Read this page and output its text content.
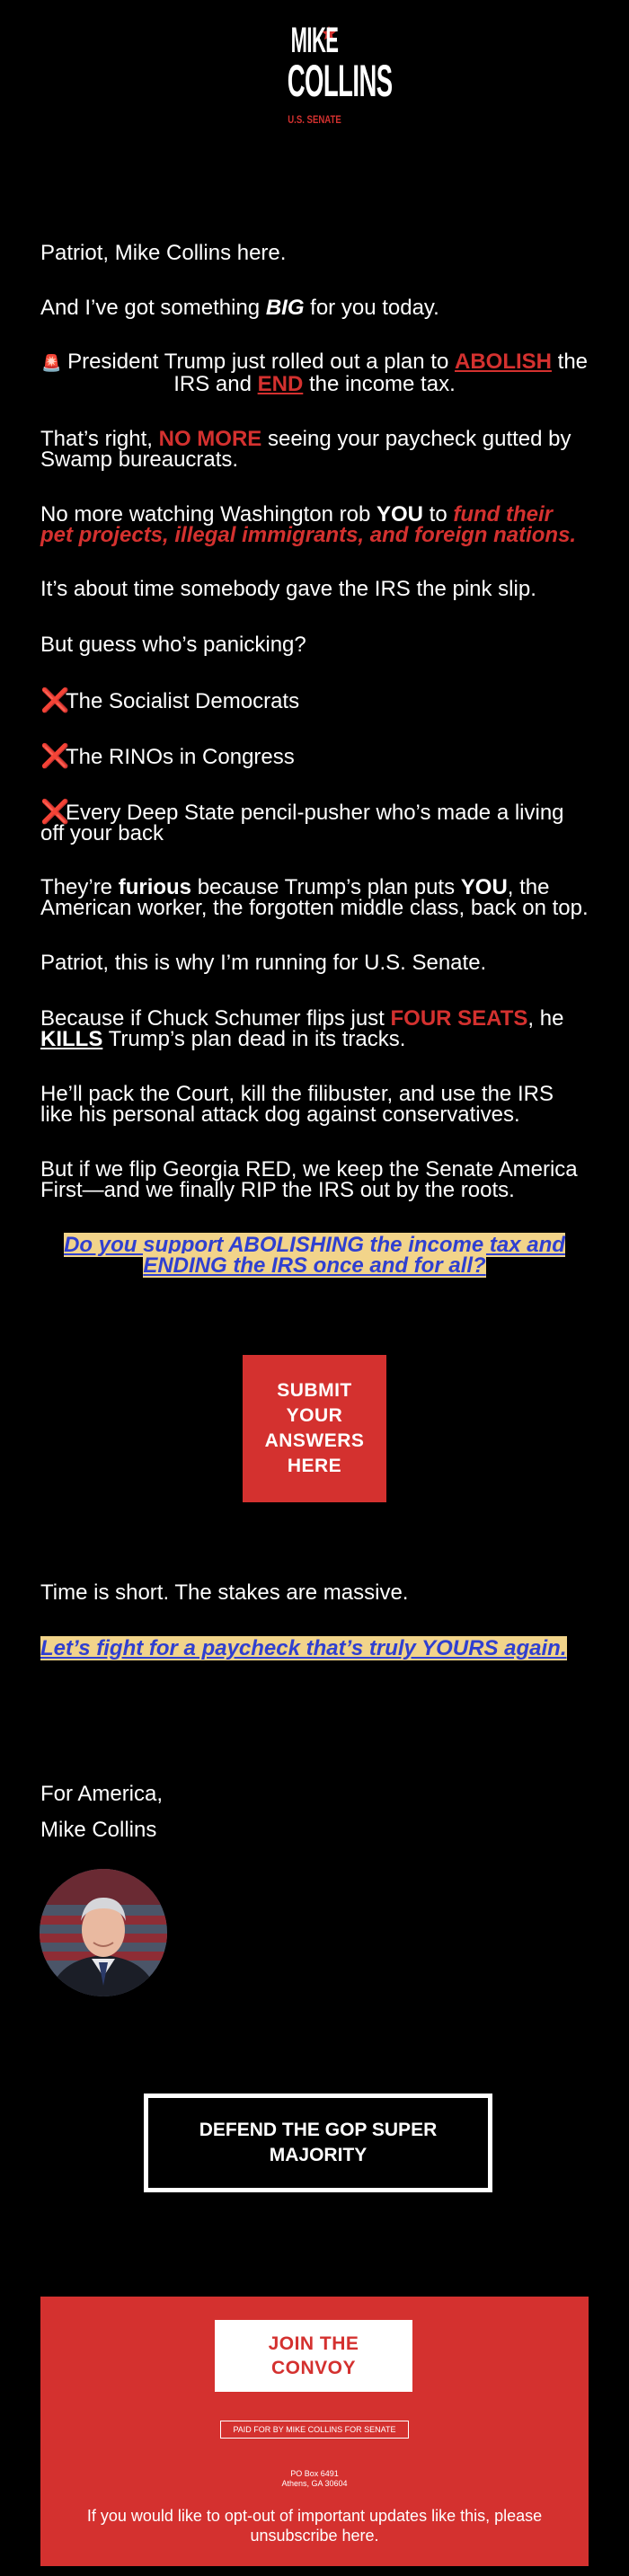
MIKE
COLLINS
U.S. SENATE

Patriot, Mike Collins here.

And I’ve got something BIG for you today.

🚨 President Trump just rolled out a plan to ABOLISH the IRS and END the income tax.

That’s right, NO MORE seeing your paycheck gutted by Swamp bureaucrats.

No more watching Washington rob YOU to fund their pet projects, illegal immigrants, and foreign nations.

It’s about time somebody gave the IRS the pink slip.

But guess who’s panicking?

❌The Socialist Democrats

❌The RINOs in Congress

❌Every Deep State pencil-pusher who’s made a living off your back

They’re furious because Trump’s plan puts YOU, the American worker, the forgotten middle class, back on top.

Patriot, this is why I’m running for U.S. Senate.

Because if Chuck Schumer flips just FOUR SEATS, he KILLS Trump’s plan dead in its tracks.

He’ll pack the Court, kill the filibuster, and use the IRS like his personal attack dog against conservatives.

But if we flip Georgia RED, we keep the Senate America First—and we finally RIP the IRS out by the roots.

Do you support ABOLISHING the income tax and ENDING the IRS once and for all?

SUBMIT YOUR ANSWERS HERE

Time is short. The stakes are massive.

Let’s fight for a paycheck that’s truly YOURS again.

For America,

Mike Collins

DEFEND THE GOP SUPER MAJORITY
JOIN THE CONVOY
PAID FOR BY MIKE COLLINS FOR SENATE
PO Box 6491
Athens, GA 30604
If you would like to opt-out of important updates like this, please unsubscribe here.
